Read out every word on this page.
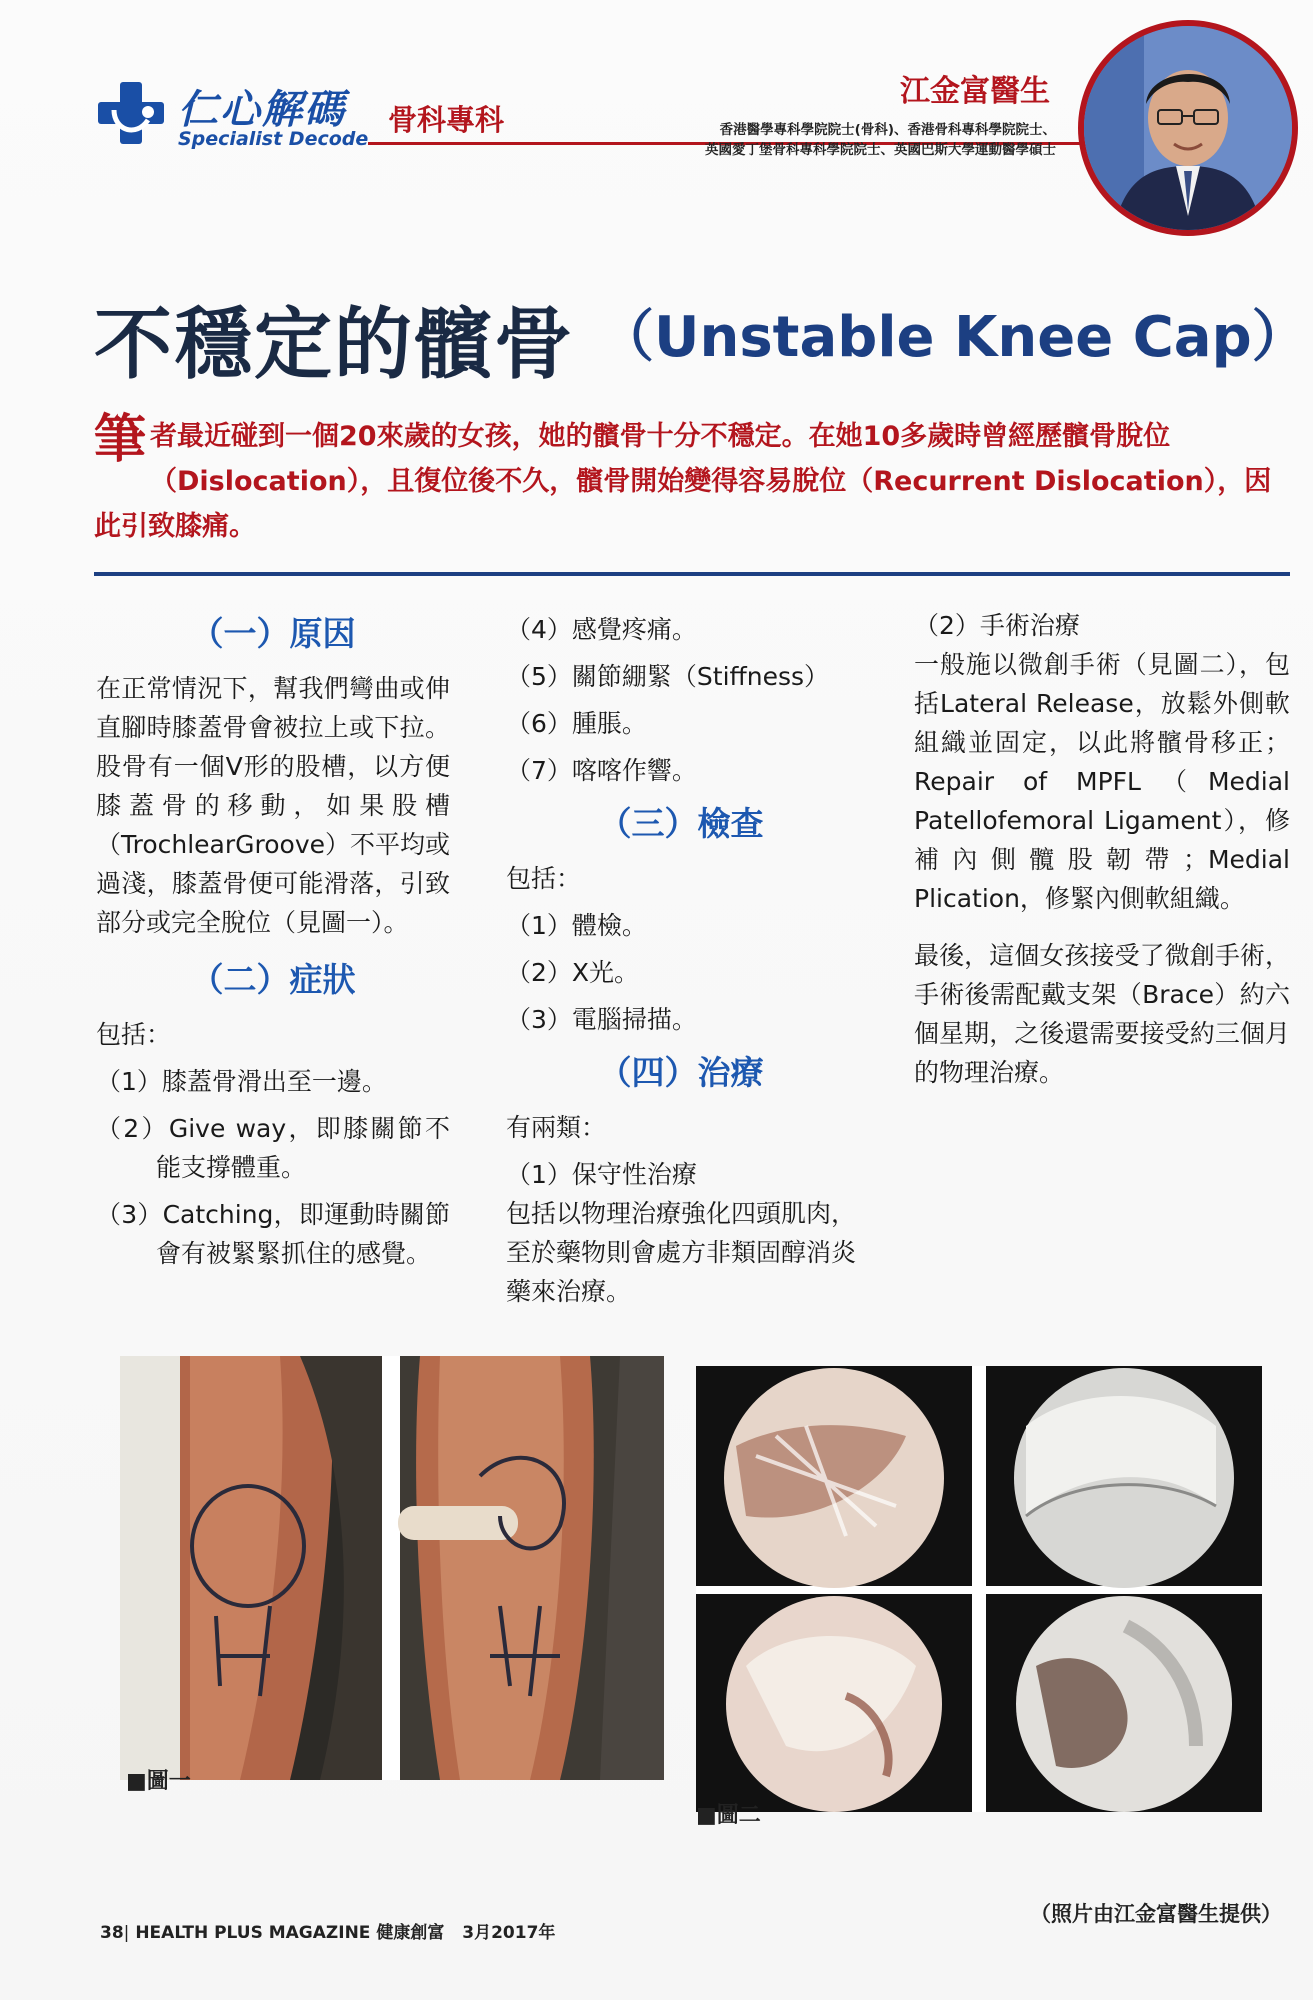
仁心解碼
Specialist Decode
骨科專科
江金富醫生
香港醫學專科學院院士(骨科)、香港骨科專科學院院士、
英國愛丁堡骨科專科學院院士、英國巴斯大學運動醫學碩士
不穩定的髕骨 （Unstable Knee Cap）
筆者最近碰到一個20來歲的女孩，她的髕骨十分不穩定。在她10多歲時曾經歷髕骨脫位（Dislocation），且復位後不久，髕骨開始變得容易脫位（Recurrent Dislocation），因此引致膝痛。
（一）原因

在正常情況下，幫我們彎曲或伸直腳時膝蓋骨會被拉上或下拉。股骨有一個V形的股槽，以方便膝蓋骨的移動，如果股槽（TrochlearGroove）不平均或過淺，膝蓋骨便可能滑落，引致部分或完全脫位（見圖一）。

（二）症狀

包括：

（1）膝蓋骨滑出至一邊。

（2）Give way，即膝關節不能支撐體重。

（3）Catching，即運動時關節會有被緊緊抓住的感覺。

（4）感覺疼痛。

（5）關節綳緊（Stiffness）

（6）腫脹。

（7）喀喀作響。

（三）檢查

包括：

（1）體檢。

（2）X光。

（3）電腦掃描。

（四）治療

有兩類：

（1）保守性治療

包括以物理治療強化四頭肌肉，至於藥物則會處方非類固醇消炎藥來治療。

（2）手術治療

一般施以微創手術（見圖二），包括Lateral Release，放鬆外側軟組織並固定，以此將髕骨移正；Repair of MPFL（Medial Patellofemoral Ligament），修補內側髖股韌帶；Medial Plication，修緊內側軟組織。

最後，這個女孩接受了微創手術，手術後需配戴支架（Brace）約六個星期，之後還需要接受約三個月的物理治療。

■圖一
■圖二
（照片由江金富醫生提供）
38| HEALTH PLUS MAGAZINE 健康創富 3月2017年
